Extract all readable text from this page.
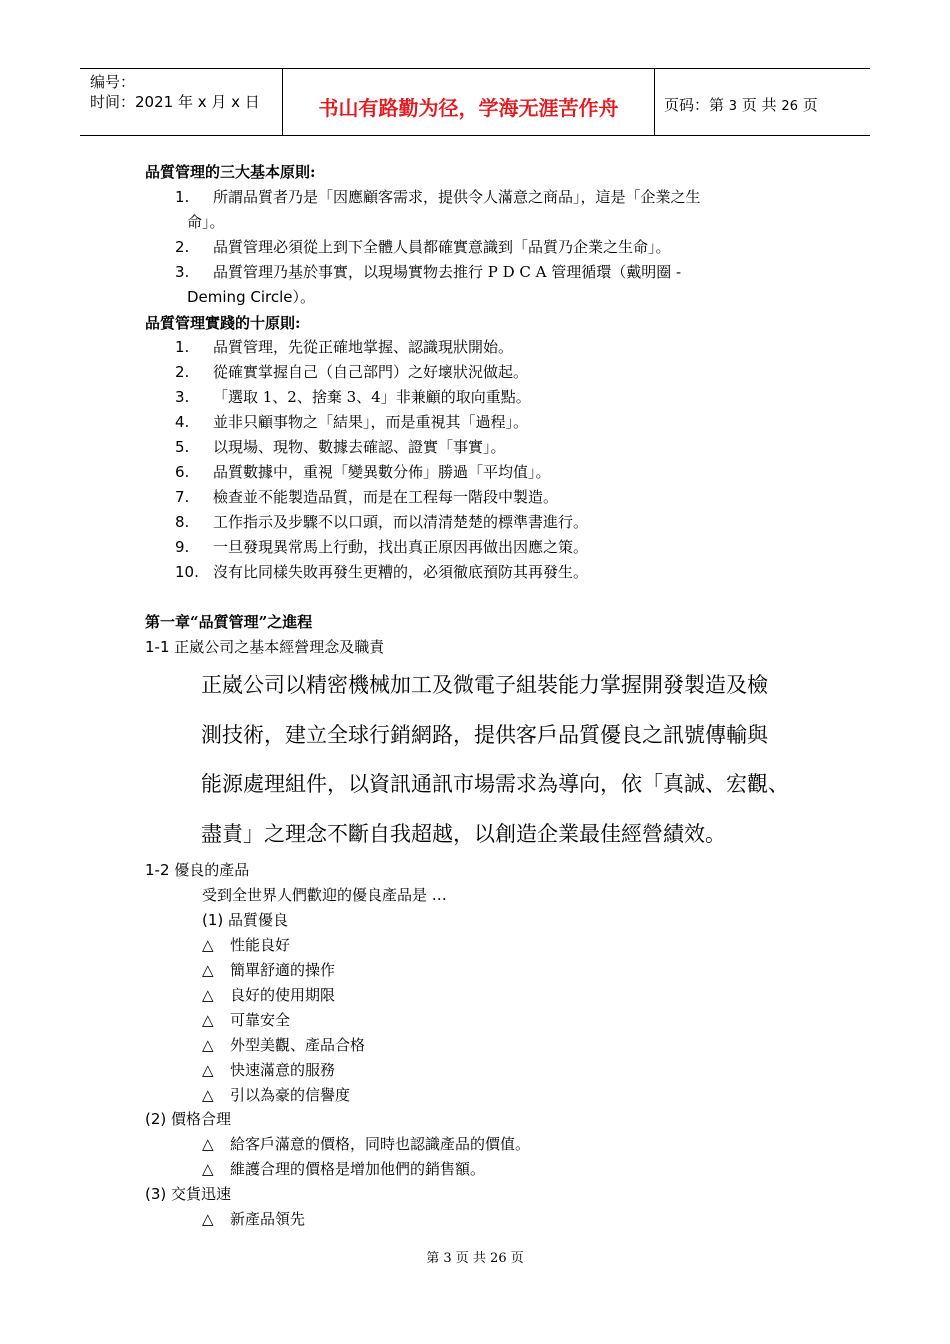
编号：
时间：2021 年 x 月 x 日	书山有路勤为径，学海无涯苦作舟	页码：第 3 页 共 26 页
品質管理的三大基本原則:
1. 所謂品質者乃是「因應顧客需求，提供令人滿意之商品」，這是「企業之生
命」。
2. 品質管理必須從上到下全體人員都確實意識到「品質乃企業之生命」。
3. 品質管理乃基於事實，以現場實物去推行 P D C A 管理循環（戴明圈 -
Deming Circle）。
品質管理實踐的十原則:
1. 品質管理，先從正確地掌握、認識現狀開始。
2. 從確實掌握自己（自己部門）之好壞狀況做起。
3. 「選取 1、2、捨棄 3、4」非兼顧的取向重點。
4. 並非只顧事物之「結果」，而是重視其「過程」。
5. 以現場、現物、數據去確認、證實「事實」。
6. 品質數據中，重視「變異數分佈」勝過「平均值」。
7. 檢查並不能製造品質，而是在工程每一階段中製造。
8. 工作指示及步驟不以口頭，而以清清楚楚的標準書進行。
9. 一旦發現異常馬上行動，找出真正原因再做出因應之策。
10. 沒有比同樣失敗再發生更糟的，必須徹底預防其再發生。
第一章“品質管理”之進程
1-1 正崴公司之基本經營理念及職責
正崴公司以精密機械加工及微電子組裝能力掌握開發製造及檢
測技術，建立全球行銷網路，提供客戶品質優良之訊號傳輸與
能源處理組件，以資訊通訊市場需求為導向，依「真誠、宏觀、
盡責」之理念不斷自我超越，以創造企業最佳經營績效。
1-2 優良的產品
受到全世界人們歡迎的優良產品是 …
(1) 品質優良
△ 性能良好
△ 簡單舒適的操作
△ 良好的使用期限
△ 可靠安全
△ 外型美觀、產品合格
△ 快速滿意的服務
△ 引以為豪的信譽度
(2) 價格合理
△ 給客戶滿意的價格，同時也認識產品的價值。
△ 維護合理的價格是增加他們的銷售額。
(3) 交貨迅速
△ 新產品領先
第 3 页 共 26 页
